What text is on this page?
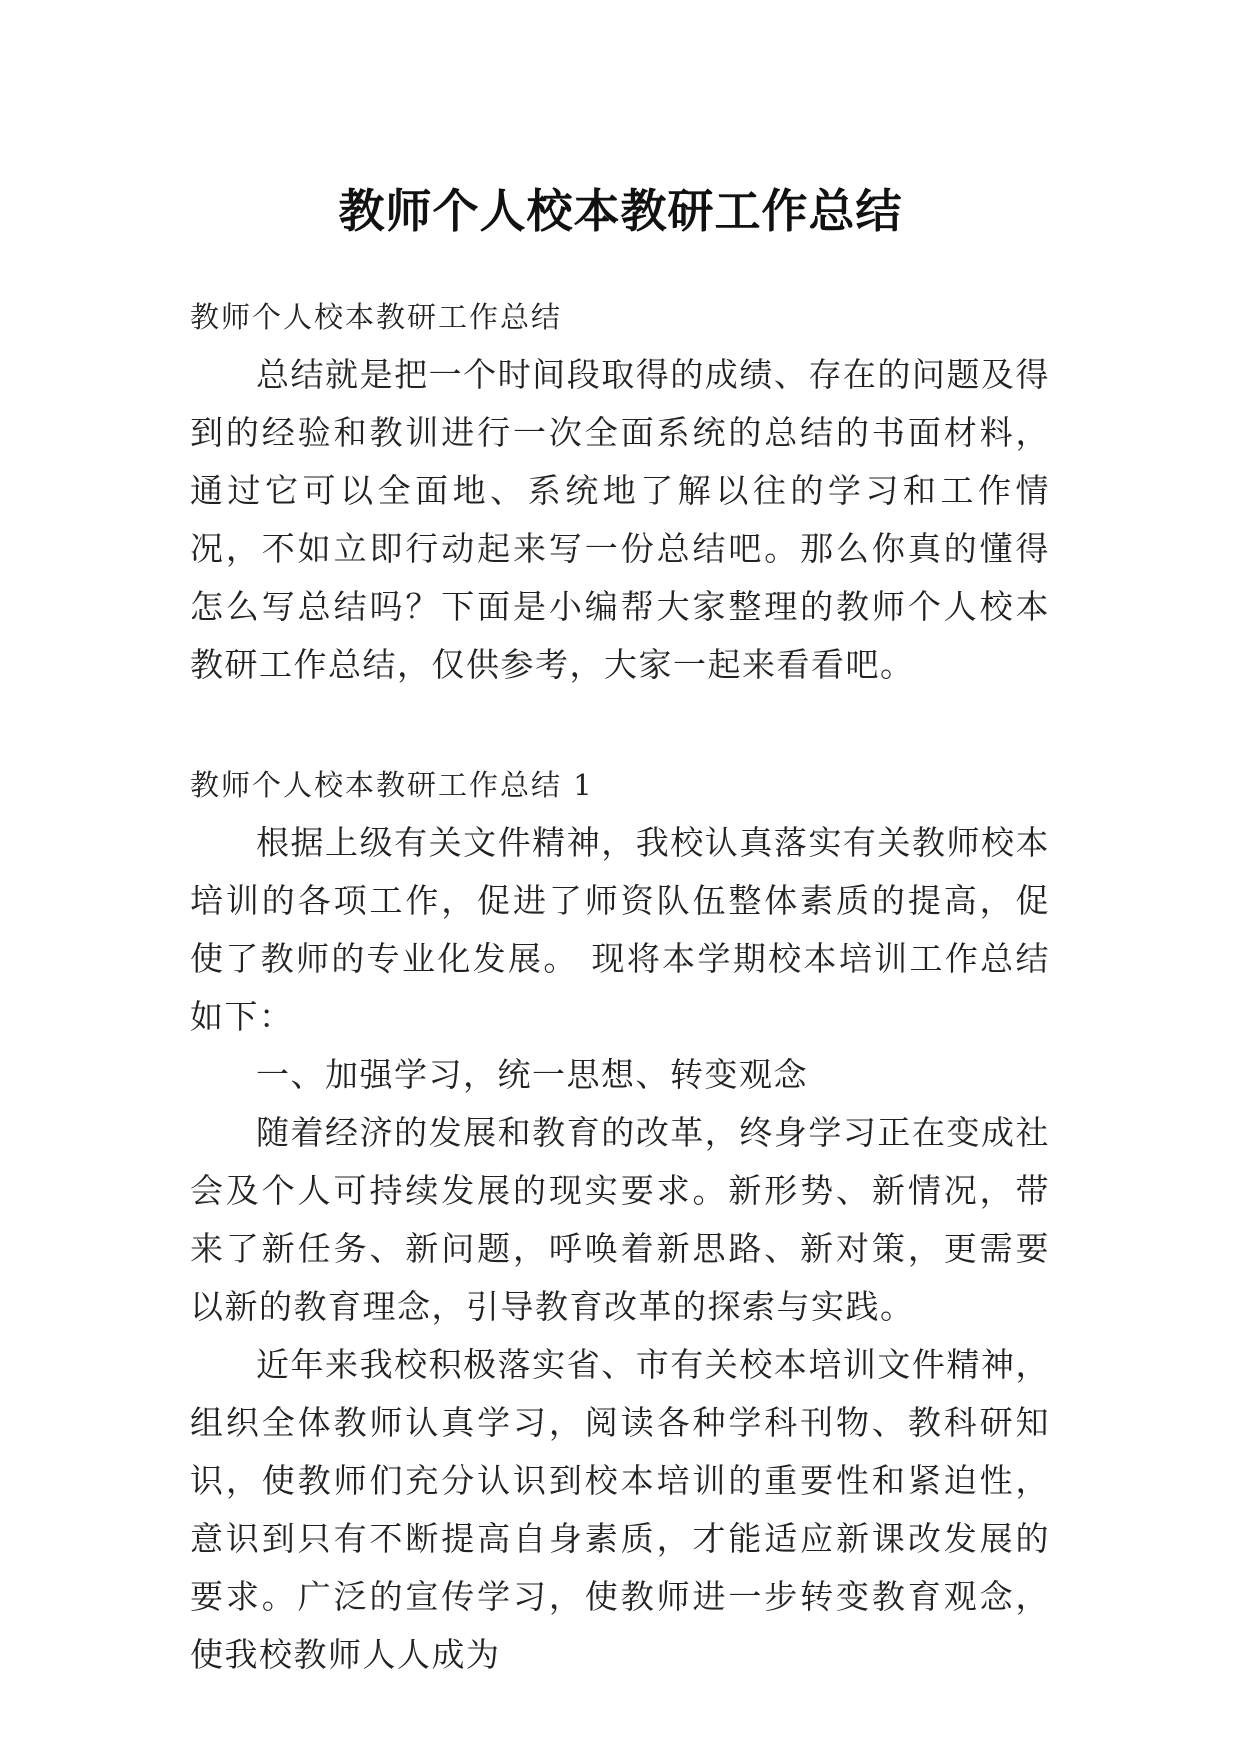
教师个人校本教研工作总结

教师个人校本教研工作总结

总结就是把一个时间段取得的成绩、存在的问题及得到的经验和教训进行一次全面系统的总结的书面材料，通过它可以全面地、系统地了解以往的学习和工作情况，不如立即行动起来写一份总结吧。那么你真的懂得怎么写总结吗？下面是小编帮大家整理的教师个人校本教研工作总结，仅供参考，大家一起来看看吧。

教师个人校本教研工作总结 1

根据上级有关文件精神，我校认真落实有关教师校本培训的各项工作，促进了师资队伍整体素质的提高，促使了教师的专业化发展。 现将本学期校本培训工作总结如下：

一、加强学习，统一思想、转变观念

随着经济的发展和教育的改革，终身学习正在变成社会及个人可持续发展的现实要求。新形势、新情况，带来了新任务、新问题，呼唤着新思路、新对策，更需要以新的教育理念，引导教育改革的探索与实践。

近年来我校积极落实省、市有关校本培训文件精神，组织全体教师认真学习，阅读各种学科刊物、教科研知识，使教师们充分认识到校本培训的重要性和紧迫性，意识到只有不断提高自身素质，才能适应新课改发展的要求。广泛的宣传学习，使教师进一步转变教育观念，使我校教师人人成为
